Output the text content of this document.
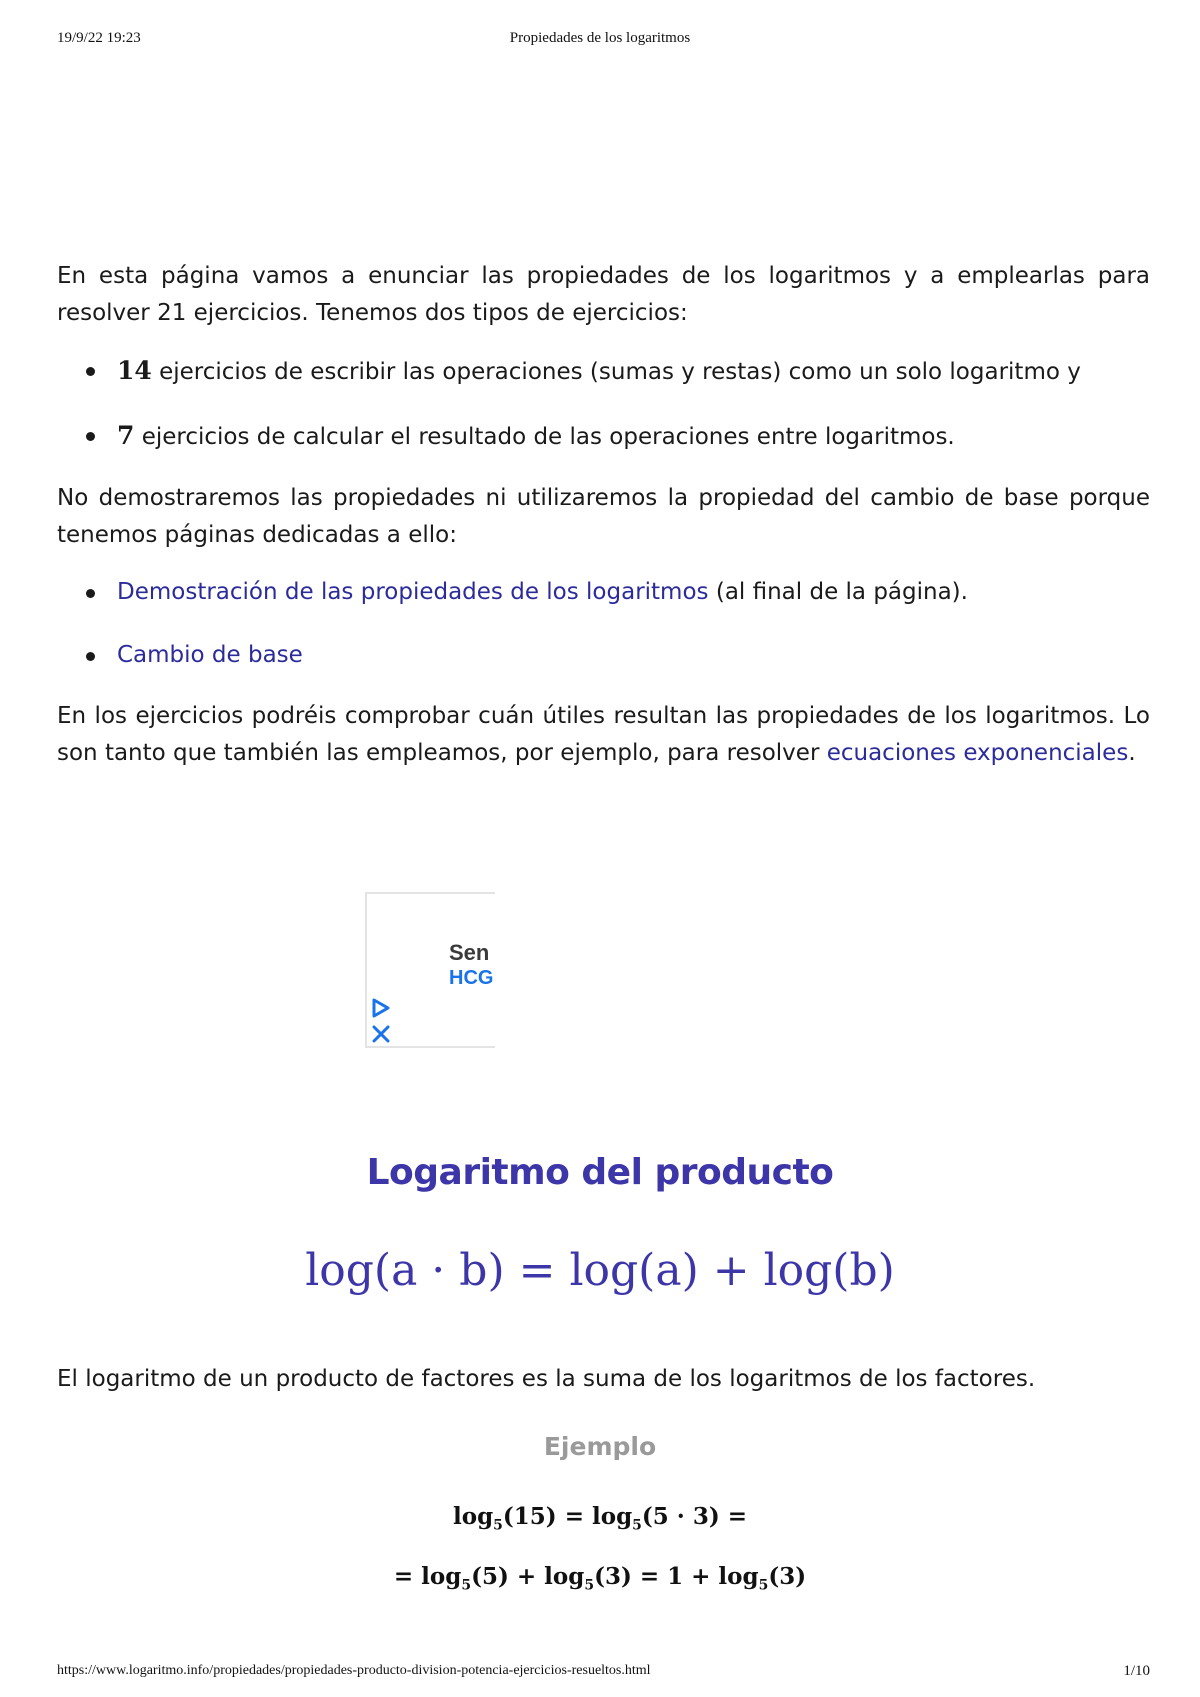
19/9/22 19:23	Propiedades de los logaritmos

En esta página vamos a enunciar las propiedades de los logaritmos y a emplearlas para resolver 21 ejercicios. Tenemos dos tipos de ejercicios:

14 ejercicios de escribir las operaciones (sumas y restas) como un solo logaritmo y
7 ejercicios de calcular el resultado de las operaciones entre logaritmos.

No demostraremos las propiedades ni utilizaremos la propiedad del cambio de base porque tenemos páginas dedicadas a ello:

Demostración de las propiedades de los logaritmos (al final de la página).
Cambio de base

En los ejercicios podréis comprobar cuán útiles resultan las propiedades de los logaritmos. Lo son tanto que también las empleamos, por ejemplo, para resolver ecuaciones exponenciales.

Sen
HCG
Logaritmo del producto
log(a · b) = log(a) + log(b)
El logaritmo de un producto de factores es la suma de los logaritmos de los factores.
Ejemplo
$\log_5(15) = \log_5(5 \cdot 3)$ =
= $\log_5(5) + \log_5(3) = 1 + \log_5(3)$
https://www.logaritmo.info/propiedades/propiedades-producto-division-potencia-ejercicios-resueltos.html	1/10
